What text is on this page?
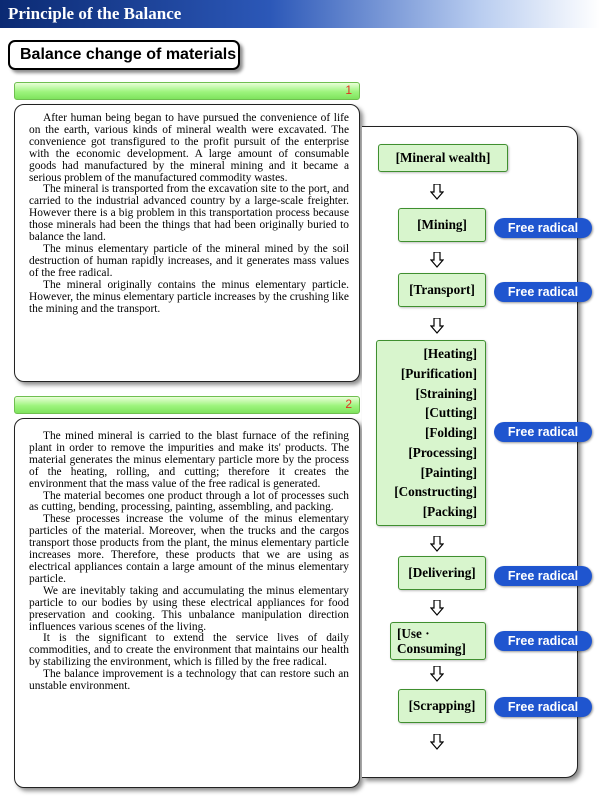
Principle of the Balance
Balance change of materials
1

After human being began to have pursued the convenience of life on the earth, various kinds of mineral wealth were excavated. The convenience got transfigured to the profit pursuit of the enterprise with the economic development. A large amount of consumable goods had manufactured by the mineral mining and it became a serious problem of the manufactured commodity wastes.

The mineral is transported from the excavation site to the port, and carried to the industrial advanced country by a large-scale freighter. However there is a big problem in this transportation process because those minerals had been the things that had been originally buried to balance the land.

The minus elementary particle of the mineral mined by the soil destruction of human rapidly increases, and it generates mass values of the free radical.

The mineral originally contains the minus elementary particle. However, the minus elementary particle increases by the crushing like the mining and the transport.

2

The mined mineral is carried to the blast furnace of the refining plant in order to remove the impurities and make its' products. The material generates the minus elementary particle more by the process of the heating, rolling, and cutting; therefore it creates the environment that the mass value of the free radical is generated.

The material becomes one product through a lot of processes such as cutting, bending, processing, painting, assembling, and packing.

These processes increase the volume of the minus elementary particles of the material. Moreover, when the trucks and the cargos transport those products from the plant, the minus elementary particle increases more. Therefore, these products that we are using as electrical appliances contain a large amount of the minus elementary particle.

We are inevitably taking and accumulating the minus elementary particle to our bodies by using these electrical appliances for food preservation and cooking. This unbalance manipulation direction influences various scenes of the living.

It is the significant to extend the service lives of daily commodities, and to create the environment that maintains our health by stabilizing the environment, which is filled by the free radical.

The balance improvement is a technology that can restore such an unstable environment.

[Mineral wealth]
[Mining]	Free radical
[Transport]	Free radical
[Heating]
[Purification]
[Straining]
[Cutting]
[Folding]
[Processing]
[Painting]
[Constructing]
[Packing]
Free radical
[Delivering]	Free radical
[Use ·
Consuming]	Free radical
[Scrapping]	Free radical
